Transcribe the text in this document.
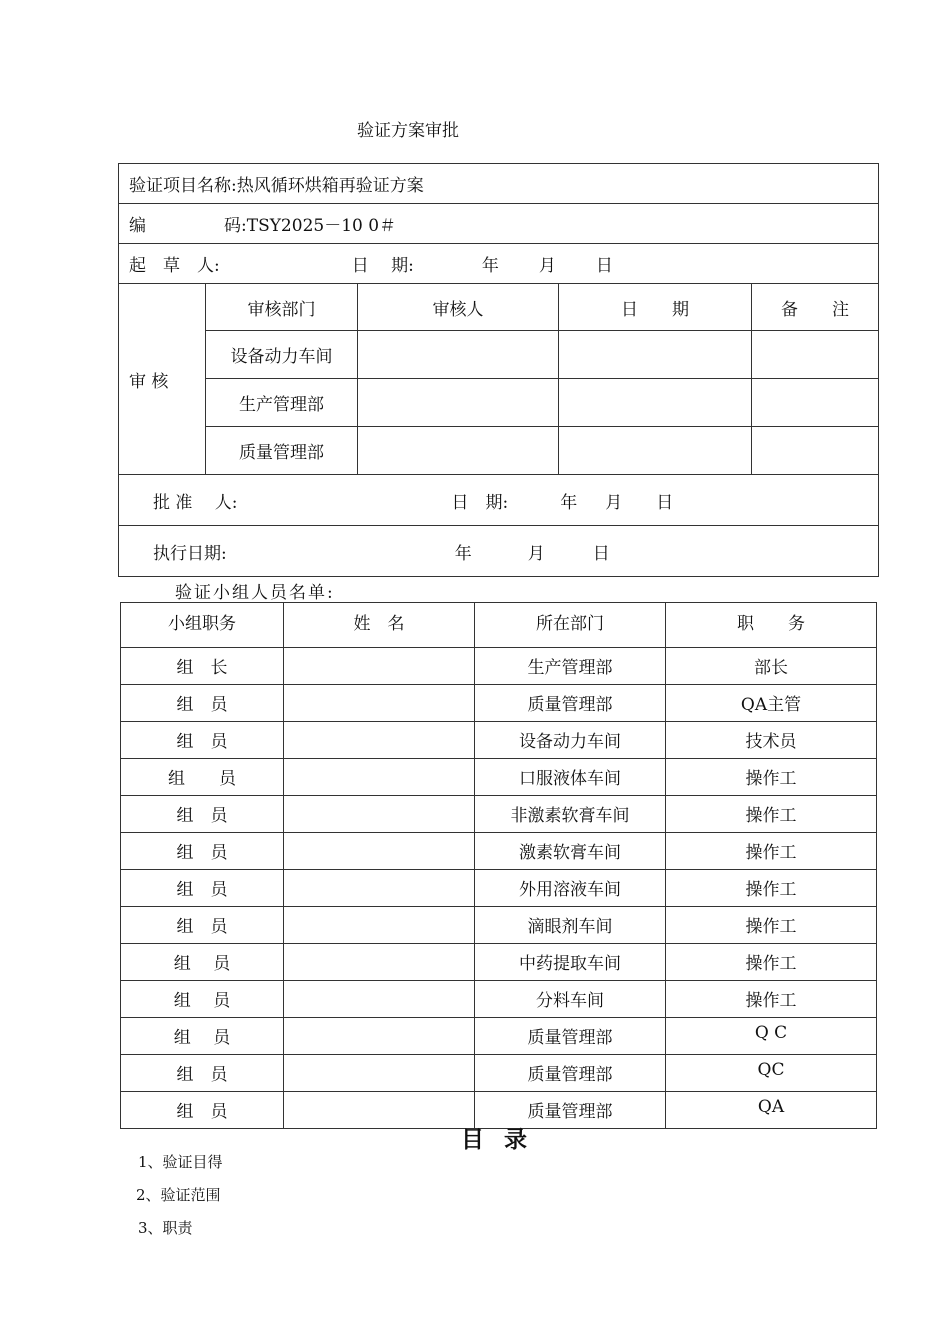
验证方案审批
验证项目名称:热风循环烘箱再验证方案				
编 码:TSY2025－10 0＃				
起　草　人: 日　 期: 年 月 日				
审 核	审核部门	审核人	日　　期	备　　注
	设备动力车间			
	生产管理部			
	质量管理部			
批 准　 人: 日　期: 年 月 日				
执行日期: 年 月 日				
验证小组人员名单:
小组职务	姓　名	所在部门	职　　务
组　长		生产管理部	部长
组　员		质量管理部	QA主管
组　员		设备动力车间	技术员
组　　员		口服液体车间	操作工
组　员		非激素软膏车间	操作工
组　员		激素软膏车间	操作工
组　员		外用溶液车间	操作工
组　员		滴眼剂车间	操作工
组　 员		中药提取车间	操作工
组　 员		分料车间	操作工
组　 员		质量管理部	Q C
组　员		质量管理部	QC
组　员		质量管理部	QA
目 录
1、验证目得
2、验证范围
3、职责
